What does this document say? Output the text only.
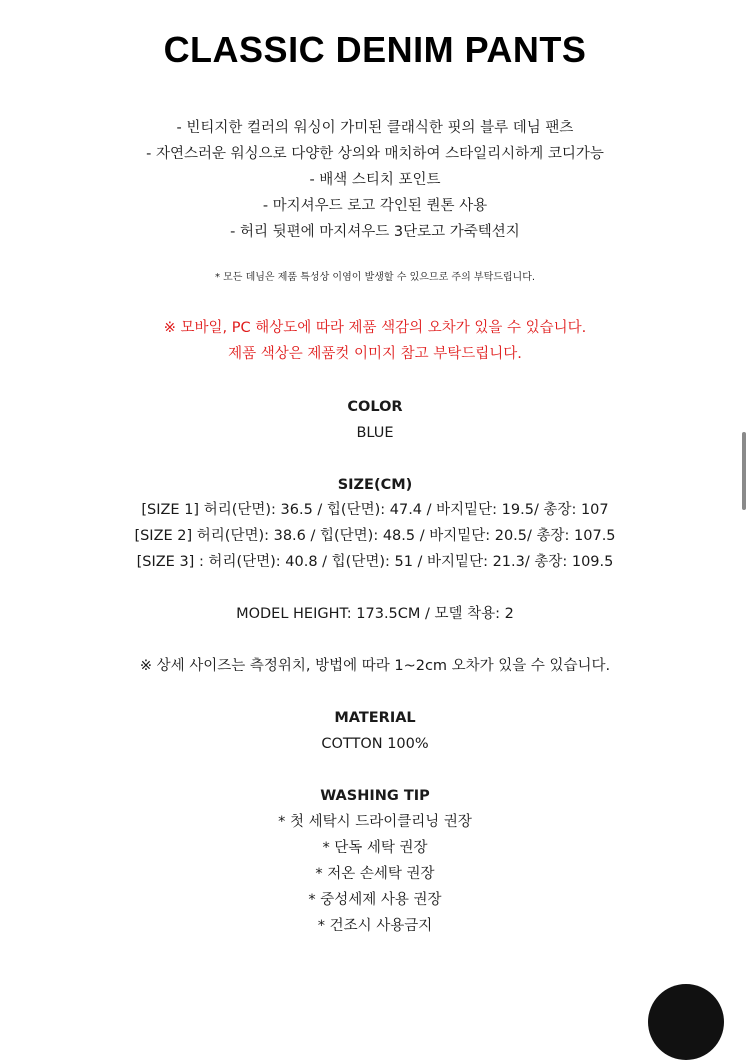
CLASSIC DENIM PANTS
- 빈티지한 컬러의 워싱이 가미된 클래식한 핏의 블루 데님 팬츠
- 자연스러운 워싱으로 다양한 상의와 매치하여 스타일리시하게 코디가능
- 배색 스티치 포인트
- 마지셔우드 로고 각인된 퀀톤 사용
- 허리 뒷편에 마지셔우드 3단로고 가죽텍션지
* 모든 데님은 제품 특성상 이염이 발생할 수 있으므로 주의 부탁드립니다.
※ 모바일, PC 해상도에 따라 제품 색감의 오차가 있을 수 있습니다.
제품 색상은 제품컷 이미지 참고 부탁드립니다.
COLOR
BLUE
SIZE(CM)
[SIZE 1] 허리(단면): 36.5 / 힙(단면): 47.4 / 바지밑단: 19.5/ 총장: 107
[SIZE 2] 허리(단면): 38.6 / 힙(단면): 48.5 / 바지밑단: 20.5/ 총장: 107.5
[SIZE 3] : 허리(단면): 40.8 / 힙(단면): 51 / 바지밑단: 21.3/ 총장: 109.5
MODEL HEIGHT: 173.5CM / 모델 착용: 2
※ 상세 사이즈는 측정위치, 방법에 따라 1~2cm 오차가 있을 수 있습니다.
MATERIAL
COTTON 100%
WASHING TIP
* 첫 세탁시 드라이클리닝 권장
* 단독 세탁 권장
* 저온 손세탁 권장
* 중성세제 사용 권장
* 건조시 사용금지
